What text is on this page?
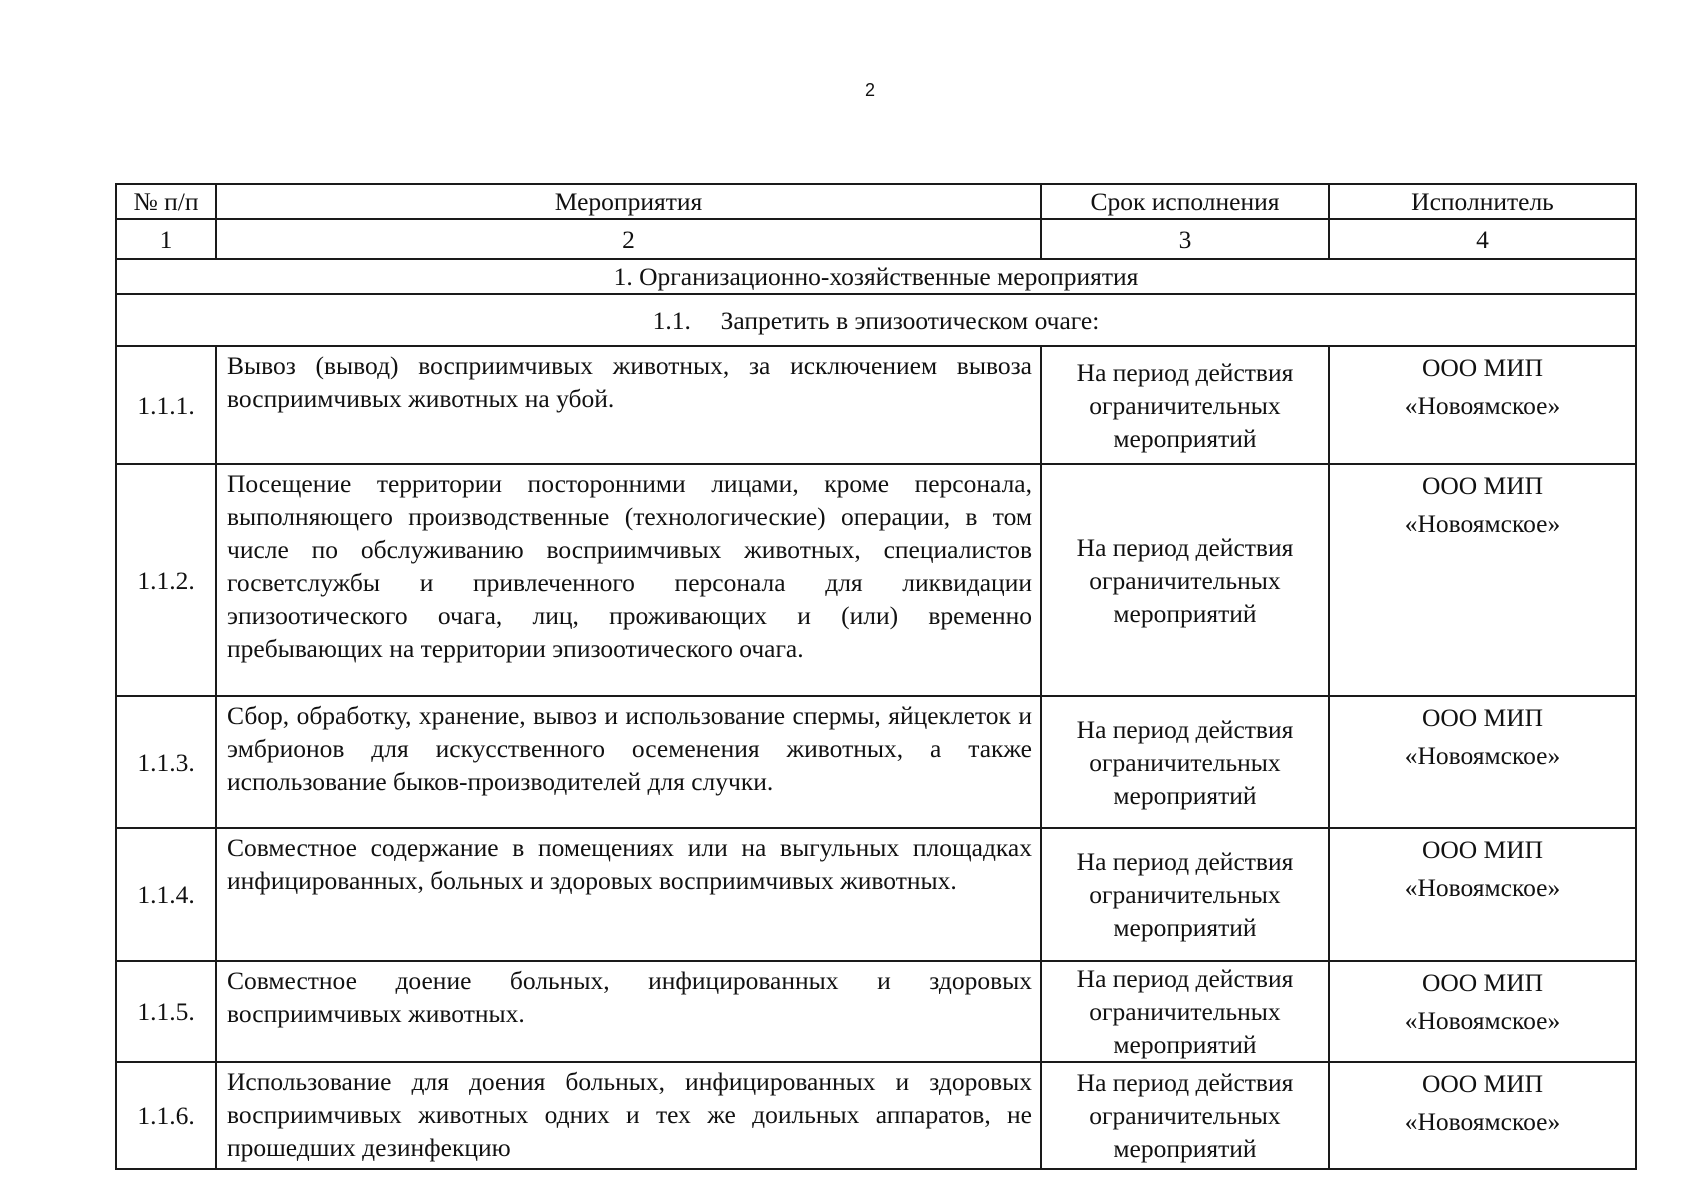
2
№ п/п	Мероприятия	Срок исполнения	Исполнитель
1	2	3	4
1. Организационно-хозяйственные мероприятия			
1.1. Запретить в эпизоотическом очаге:			
1.1.1.	Вывоз (вывод) восприимчивых животных, за исключением вывоза восприимчивых животных на убой.	На период действия ограничительных мероприятий	ООО МИП
«Новоямское»

1.1.2.	Посещение территории посторонними лицами, кроме персонала, выполняющего производственные (технологические) операции, в том числе по обслуживанию восприимчивых животных, специалистов госветслужбы и привлеченного персонала для ликвидации эпизоотического очага, лиц, проживающих и (или) временно пребывающих на территории эпизоотического очага.	На период действия ограничительных мероприятий	ООО МИП
«Новоямское»

1.1.3.	Сбор, обработку, хранение, вывоз и использование спермы, яйцеклеток и эмбрионов для искусственного осеменения животных, а также использование быков-производителей для случки.	На период действия ограничительных мероприятий	ООО МИП
«Новоямское»

1.1.4.	Совместное содержание в помещениях или на выгульных площадках инфицированных, больных и здоровых восприимчивых животных.	На период действия ограничительных мероприятий	ООО МИП
«Новоямское»

1.1.5.	Совместное доение больных, инфицированных и здоровых восприимчивых животных.	На период действия ограничительных мероприятий	ООО МИП
«Новоямское»

1.1.6.	Использование для доения больных, инфицированных и здоровых восприимчивых животных одних и тех же доильных аппаратов, не прошедших дезинфекцию	На период действия ограничительных мероприятий	ООО МИП
«Новоямское»
